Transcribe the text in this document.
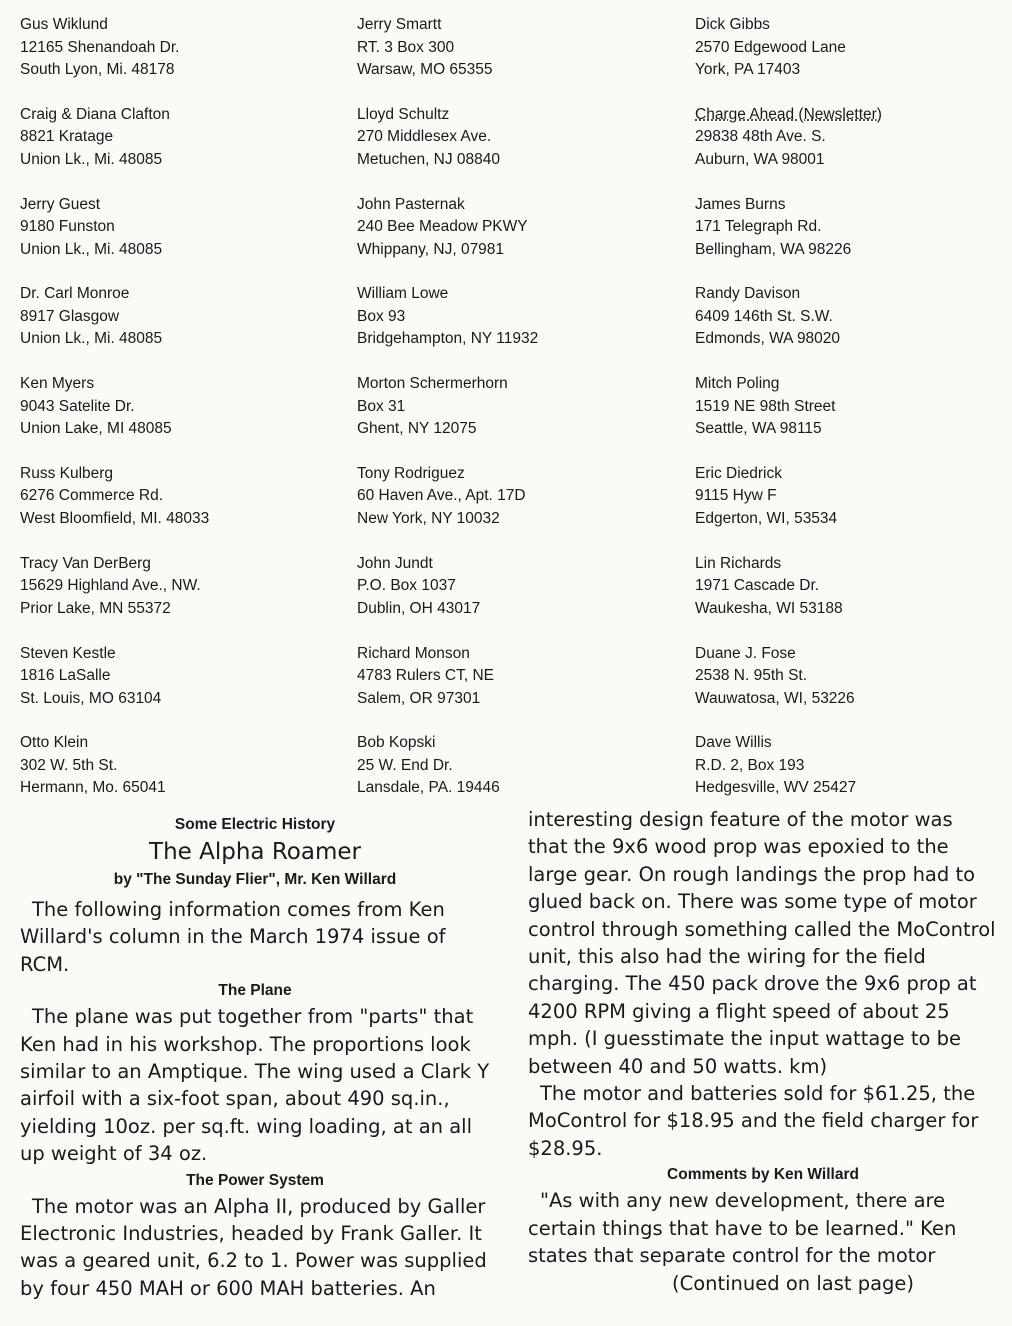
Gus Wiklund
12165 Shenandoah Dr.
South Lyon, Mi. 48178
Craig & Diana Clafton
8821 Kratage
Union Lk., Mi. 48085
Jerry Guest
9180 Funston
Union Lk., Mi. 48085
Dr. Carl Monroe
8917 Glasgow
Union Lk., Mi. 48085
Ken Myers
9043 Satelite Dr.
Union Lake, MI 48085
Russ Kulberg
6276 Commerce Rd.
West Bloomfield, MI. 48033
Tracy Van DerBerg
15629 Highland Ave., NW.
Prior Lake, MN 55372
Steven Kestle
1816 LaSalle
St. Louis, MO 63104
Otto Klein
302 W. 5th St.
Hermann, Mo. 65041
Jerry Smartt
RT. 3 Box 300
Warsaw, MO 65355
Lloyd Schultz
270 Middlesex Ave.
Metuchen, NJ 08840
John Pasternak
240 Bee Meadow PKWY
Whippany, NJ, 07981
William Lowe
Box 93
Bridgehampton, NY 11932
Morton Schermerhorn
Box 31
Ghent, NY 12075
Tony Rodriguez
60 Haven Ave., Apt. 17D
New York, NY 10032
John Jundt
P.O. Box 1037
Dublin, OH 43017
Richard Monson
4783 Rulers CT, NE
Salem, OR 97301
Bob Kopski
25 W. End Dr.
Lansdale, PA. 19446
Dick Gibbs
2570 Edgewood Lane
York, PA 17403
Charge Ahead (Newsletter)
29838 48th Ave. S.
Auburn, WA 98001
James Burns
171 Telegraph Rd.
Bellingham, WA 98226
Randy Davison
6409 146th St. S.W.
Edmonds, WA 98020
Mitch Poling
1519 NE 98th Street
Seattle, WA 98115
Eric Diedrick
9115 Hyw F
Edgerton, WI, 53534
Lin Richards
1971 Cascade Dr.
Waukesha, WI 53188
Duane J. Fose
2538 N. 95th St.
Wauwatosa, WI, 53226
Dave Willis
R.D. 2, Box 193
Hedgesville, WV 25427
Some Electric History
The Alpha Roamer
by "The Sunday Flier", Mr. Ken Willard

The following information comes from Ken Willard's column in the March 1974 issue of RCM.

The Plane

The plane was put together from "parts" that Ken had in his workshop. The proportions look similar to an Amptique. The wing used a Clark Y airfoil with a six-foot span, about 490 sq.in., yielding 10oz. per sq.ft. wing loading, at an all up weight of 34 oz.

The Power System

The motor was an Alpha II, produced by Galler Electronic Industries, headed by Frank Galler. It was a geared unit, 6.2 to 1. Power was supplied by four 450 MAH or 600 MAH batteries. An

interesting design feature of the motor was that the 9x6 wood prop was epoxied to the large gear. On rough landings the prop had to glued back on. There was some type of motor control through something called the MoControl unit, this also had the wiring for the field charging. The 450 pack drove the 9x6 prop at 4200 RPM giving a flight speed of about 25 mph. (I guesstimate the input wattage to be between 40 and 50 watts. km)

The motor and batteries sold for $61.25, the MoControl for $18.95 and the field charger for $28.95.

Comments by Ken Willard

"As with any new development, there are certain things that have to be learned." Ken states that separate control for the motor

(Continued on last page)
